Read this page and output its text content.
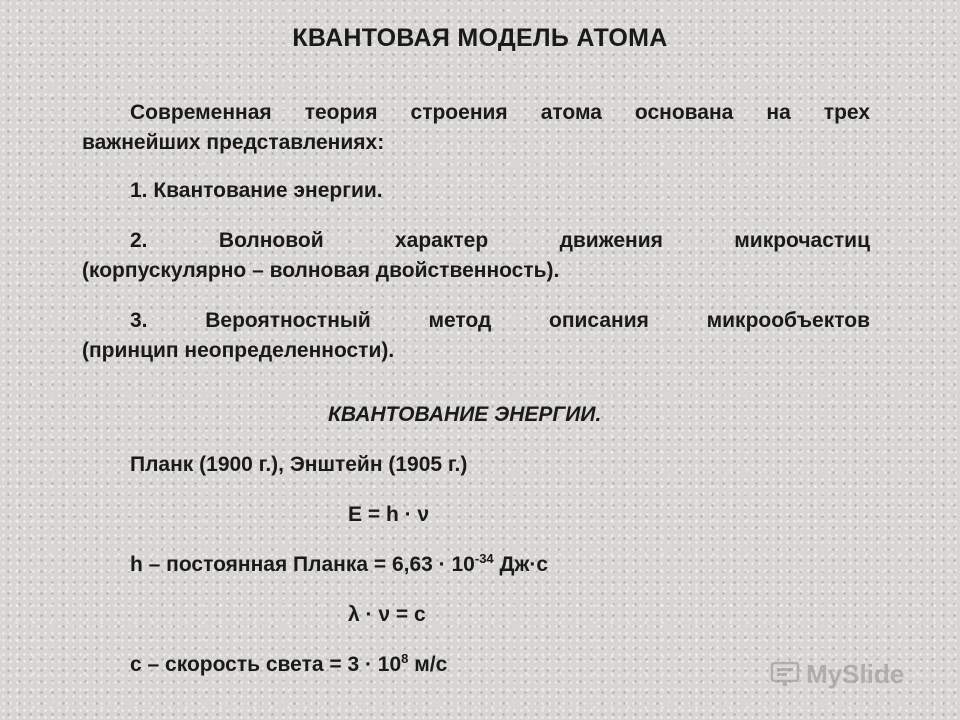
КВАНТОВАЯ МОДЕЛЬ АТОМА
Современная теория строения атома основана на трех
важнейших представлениях:
1. Квантование энергии.
2. Волновой характер движения микрочастиц
(корпускулярно – волновая двойственность).
3. Вероятностный метод описания микрообъектов
(принцип неопределенности).
КВАНТОВАНИЕ ЭНЕРГИИ.
Планк (1900 г.), Энштейн (1905 г.)
E = h · ν
h – постоянная Планка = $6,63 \cdot 10^{-34}$ Дж·с
λ · ν = c
c – скорость света = $3 \cdot 10^8$ м/с	MySlide
